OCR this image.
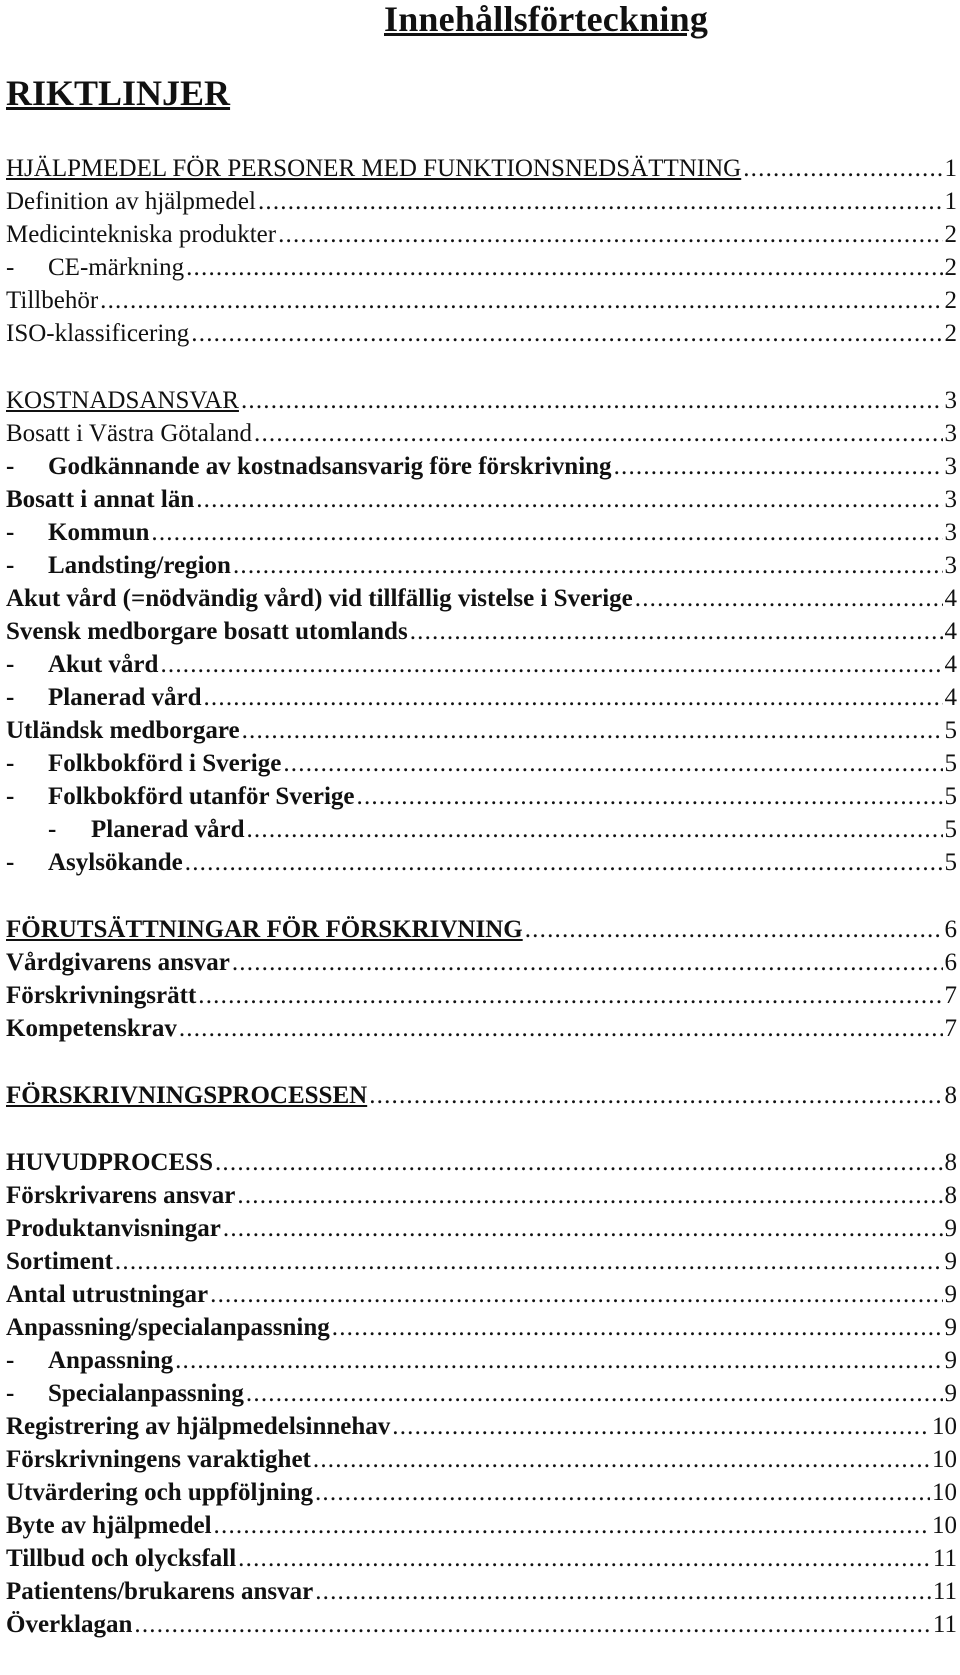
Innehållsförteckning
RIKTLINJER
HJÄLPMEDEL FÖR PERSONER MED FUNKTIONSNEDSÄTTNING .....	1
Definition av hjälpmedel .....	1
Medicintekniska produkter .....	2
-	CE-märkning .....	2
Tillbehör .....	2
ISO-klassificering .....	2
KOSTNADSANSVAR .....	3
Bosatt i Västra Götaland .....	3
-	Godkännande av kostnadsansvarig före förskrivning .....	3
Bosatt i annat län .....	3
-	Kommun .....	3
-	Landsting/region .....	3
Akut vård (=nödvändig vård) vid tillfällig vistelse i Sverige .....	4
Svensk medborgare bosatt utomlands .....	4
-	Akut vård .....	4
-	Planerad vård .....	4
Utländsk medborgare .....	5
-	Folkbokförd i Sverige .....	5
-	Folkbokförd utanför Sverige .....	5
-	Planerad vård .....	5
-	Asylsökande .....	5
FÖRUTSÄTTNINGAR FÖR FÖRSKRIVNING .....	6
Vårdgivarens ansvar .....	6
Förskrivningsrätt .....	7
Kompetenskrav .....	7
FÖRSKRIVNINGSPROCESSEN .....	8
HUVUDPROCESS .....	8
Förskrivarens ansvar .....	8
Produktanvisningar .....	9
Sortiment .....	9
Antal utrustningar .....	9
Anpassning/specialanpassning .....	9
-	Anpassning .....	9
-	Specialanpassning .....	9
Registrering av hjälpmedelsinnehav .....	10
Förskrivningens varaktighet .....	10
Utvärdering och uppföljning .....	10
Byte av hjälpmedel .....	10
Tillbud och olycksfall .....	11
Patientens/brukarens ansvar .....	11
Överklagan .....	11
